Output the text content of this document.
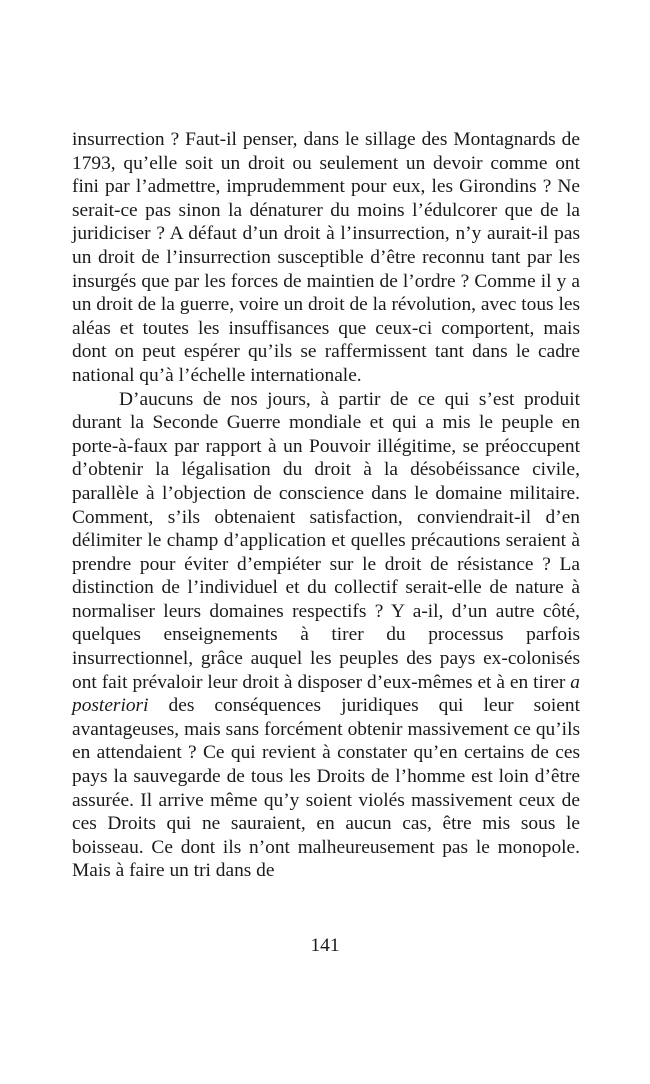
insurrection ? Faut-il penser, dans le sillage des Montagnards de 1793, qu’elle soit un droit ou seulement un devoir comme ont fini par l’admettre, imprudemment pour eux, les Girondins ? Ne serait-ce pas sinon la dénaturer du moins l’édulcorer que de la juridiciser ? A défaut d’un droit à l’insurrection, n’y aurait-il pas un droit de l’insurrection susceptible d’être reconnu tant par les insurgés que par les forces de maintien de l’ordre ? Comme il y a un droit de la guerre, voire un droit de la révolution, avec tous les aléas et toutes les insuffisances que ceux-ci comportent, mais dont on peut espérer qu’ils se raffermissent tant dans le cadre national qu’à l’échelle internationale.

D’aucuns de nos jours, à partir de ce qui s’est produit durant la Seconde Guerre mondiale et qui a mis le peuple en porte-à-faux par rapport à un Pouvoir illégitime, se préoccupent d’obtenir la légalisation du droit à la désobéissance civile, parallèle à l’objection de conscience dans le domaine militaire. Comment, s’ils obtenaient satisfaction, conviendrait-il d’en délimiter le champ d’application et quelles précautions seraient à prendre pour éviter d’empiéter sur le droit de résistance ? La distinction de l’individuel et du collectif serait-elle de nature à normaliser leurs domaines respectifs ? Y a-il, d’un autre côté, quelques enseignements à tirer du processus parfois insurrectionnel, grâce auquel les peuples des pays ex-colonisés ont fait prévaloir leur droit à disposer d’eux-mêmes et à en tirer a posteriori des conséquences juridiques qui leur soient avantageuses, mais sans forcément obtenir massivement ce qu’ils en attendaient ? Ce qui revient à constater qu’en certains de ces pays la sauvegarde de tous les Droits de l’homme est loin d’être assurée. Il arrive même qu’y soient violés massivement ceux de ces Droits qui ne sauraient, en aucun cas, être mis sous le boisseau. Ce dont ils n’ont malheureusement pas le monopole. Mais à faire un tri dans de

141
